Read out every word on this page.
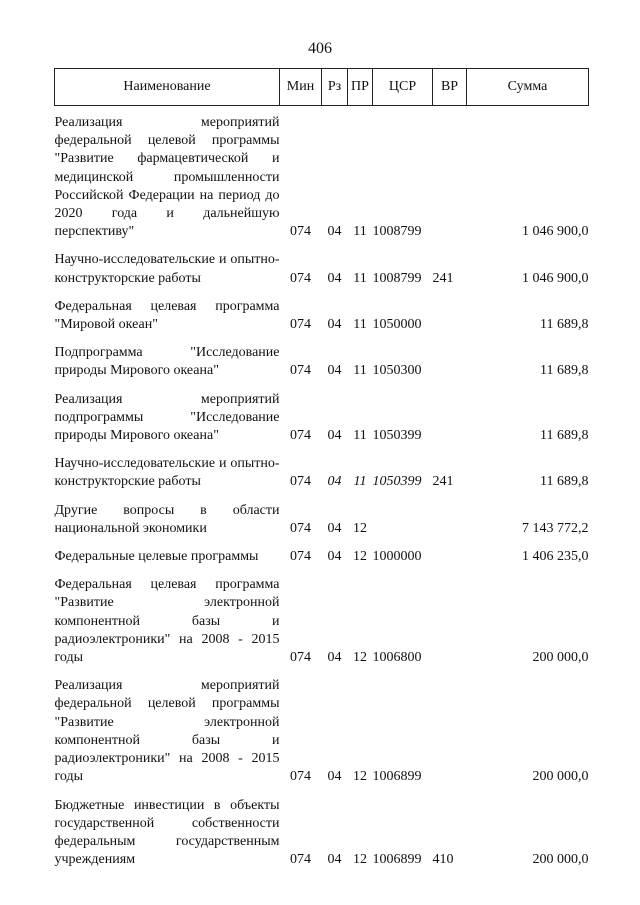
406
Наименование	Мин	Рз	ПР	ЦСР	ВР	Сумма

Реализация мероприятий федеральной целевой программы "Развитие фармацевтической и медицинской промышленности Российской Федерации на период до 2020 года и дальнейшую перспективу"	074	04	11	1008799		1 046 900,0

Научно-исследовательские и опытно-конструкторские работы	074	04	11	1008799	241	1 046 900,0

Федеральная целевая программа "Мировой океан"	074	04	11	1050000		11 689,8

Подпрограмма "Исследование природы Мирового океана"	074	04	11	1050300		11 689,8

Реализация мероприятий подпрограммы "Исследование природы Мирового океана"	074	04	11	1050399		11 689,8

Научно-исследовательские и опытно-конструкторские работы	074	04	11	1050399	241	11 689,8

Другие вопросы в области национальной экономики	074	04	12			7 143 772,2

Федеральные целевые программы	074	04	12	1000000		1 406 235,0

Федеральная целевая программа "Развитие электронной компонентной базы и радиоэлектроники" на 2008 - 2015 годы	074	04	12	1006800		200 000,0

Реализация мероприятий федеральной целевой программы "Развитие электронной компонентной базы и радиоэлектроники" на 2008 - 2015 годы	074	04	12	1006899		200 000,0

Бюджетные инвестиции в объекты государственной собственности федеральным государственным учреждениям	074	04	12	1006899	410	200 000,0
